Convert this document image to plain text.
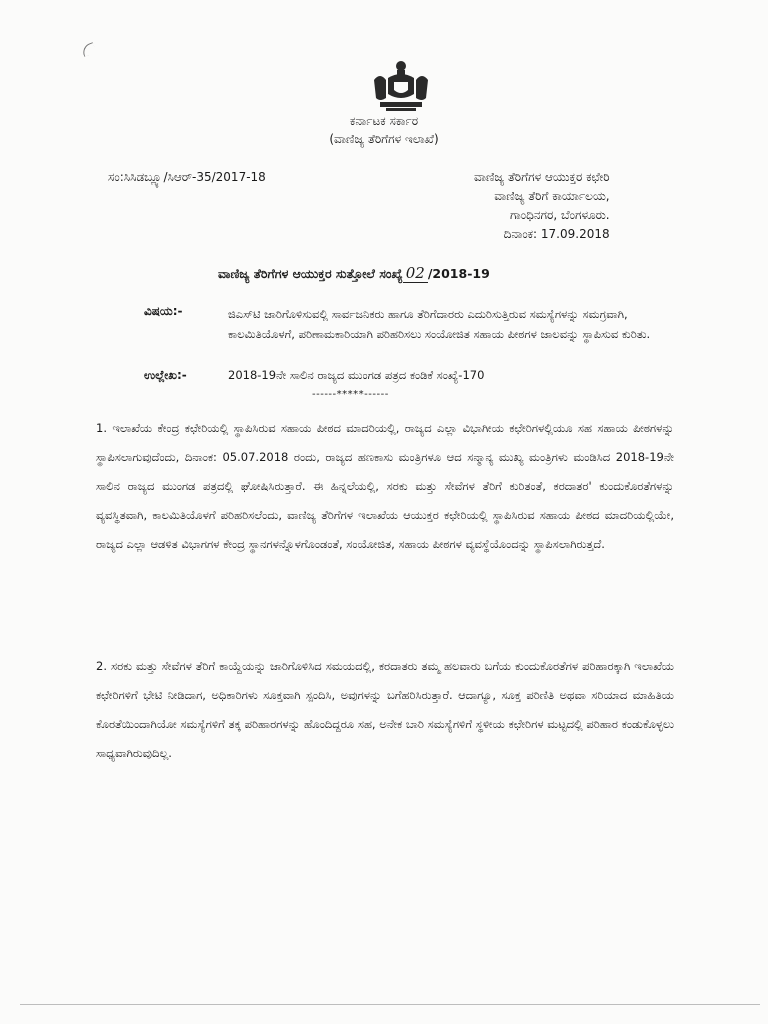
ಕರ್ನಾಟಕ ಸರ್ಕಾರ
(ವಾಣಿಜ್ಯ ತೆರಿಗೆಗಳ ಇಲಾಖೆ)
ಸಂ:ಸಿಸಿಡಬ್ಲ್ಯೂ/ಸಿಆರ್-35/2017-18	ವಾಣಿಜ್ಯ ತೆರಿಗೆಗಳ ಆಯುಕ್ತರ ಕಛೇರಿ
ವಾಣಿಜ್ಯ ತೆರಿಗೆ ಕಾರ್ಯಾಲಯ,
ಗಾಂಧಿನಗರ, ಬೆಂಗಳೂರು.
ದಿನಾಂಕ: 17.09.2018
ವಾಣಿಜ್ಯ ತೆರಿಗೆಗಳ ಆಯುಕ್ತರ ಸುತ್ತೋಲೆ ಸಂಖ್ಯೆ 02 /2018-19
ವಿಷಯ:-	ಜಿಎಸ್‌ಟಿ ಜಾರಿಗೊಳಿಸುವಲ್ಲಿ ಸಾರ್ವಜನಿಕರು ಹಾಗೂ ತೆರಿಗೆದಾರರು ಎದುರಿಸುತ್ತಿರುವ ಸಮಸ್ಯೆಗಳನ್ನು ಸಮಗ್ರವಾಗಿ, ಕಾಲಮಿತಿಯೊಳಗೆ, ಪರಿಣಾಮಕಾರಿಯಾಗಿ ಪರಿಹರಿಸಲು ಸಂಯೋಜಿತ ಸಹಾಯ ಪೀಠಗಳ ಜಾಲವನ್ನು ಸ್ಥಾಪಿಸುವ ಕುರಿತು.
ಉಲ್ಲೇಖ:-	2018-19ನೇ ಸಾಲಿನ ರಾಜ್ಯದ ಮುಂಗಡ ಪತ್ರದ ಕಂಡಿಕೆ ಸಂಖ್ಯೆ-170
------*****------
1. ಇಲಾಖೆಯ ಕೇಂದ್ರ ಕಛೇರಿಯಲ್ಲಿ ಸ್ಥಾಪಿಸಿರುವ ಸಹಾಯ ಪೀಠದ ಮಾದರಿಯಲ್ಲಿ, ರಾಜ್ಯದ ಎಲ್ಲಾ ವಿಭಾಗೀಯ ಕಛೇರಿಗಳಲ್ಲಿಯೂ ಸಹ ಸಹಾಯ ಪೀಠಗಳನ್ನು ಸ್ಥಾಪಿಸಲಾಗುವುದೆಂದು, ದಿನಾಂಕ: 05.07.2018 ರಂದು, ರಾಜ್ಯದ ಹಣಕಾಸು ಮಂತ್ರಿಗಳೂ ಆದ ಸನ್ಮಾನ್ಯ ಮುಖ್ಯ ಮಂತ್ರಿಗಳು ಮಂಡಿಸಿದ 2018-19ನೇ ಸಾಲಿನ ರಾಜ್ಯದ ಮುಂಗಡ ಪತ್ರದಲ್ಲಿ ಘೋಷಿಸಿರುತ್ತಾರೆ. ಈ ಹಿನ್ನಲೆಯಲ್ಲಿ, ಸರಕು ಮತ್ತು ಸೇವೆಗಳ ತೆರಿಗೆ ಕುರಿತಂತೆ, ಕರದಾತರ' ಕುಂದುಕೊರತೆಗಳನ್ನು ವ್ಯವಸ್ಥಿತವಾಗಿ, ಕಾಲಮಿತಿಯೊಳಗೆ ಪರಿಹರಿಸಲೆಂದು, ವಾಣಿಜ್ಯ ತೆರಿಗೆಗಳ ಇಲಾಖೆಯ ಆಯುಕ್ತರ ಕಛೇರಿಯಲ್ಲಿ ಸ್ಥಾಪಿಸಿರುವ ಸಹಾಯ ಪೀಠದ ಮಾದರಿಯಲ್ಲಿಯೇ, ರಾಜ್ಯದ ಎಲ್ಲಾ ಆಡಳಿತ ವಿಭಾಗಗಳ ಕೇಂದ್ರ ಸ್ಥಾನಗಳನ್ನೊಳಗೊಂಡಂತೆ, ಸಂಯೋಜಿತ, ಸಹಾಯ ಪೀಠಗಳ ವ್ಯವಸ್ಥೆಯೊಂದನ್ನು ಸ್ಥಾಪಿಸಲಾಗಿರುತ್ತದೆ.
2. ಸರಕು ಮತ್ತು ಸೇವೆಗಳ ತೆರಿಗೆ ಕಾಯ್ದೆಯನ್ನು ಜಾರಿಗೊಳಿಸಿದ ಸಮಯದಲ್ಲಿ, ಕರದಾತರು ತಮ್ಮ ಹಲವಾರು ಬಗೆಯ ಕುಂದುಕೊರತೆಗಳ ಪರಿಹಾರಕ್ಕಾಗಿ ಇಲಾಖೆಯ ಕಛೇರಿಗಳಿಗೆ ಭೇಟಿ ನೀಡಿದಾಗ, ಅಧಿಕಾರಿಗಳು ಸೂಕ್ತವಾಗಿ ಸ್ಪಂದಿಸಿ, ಅವುಗಳನ್ನು ಬಗೆಹರಿಸಿರುತ್ತಾರೆ. ಆದಾಗ್ಯೂ, ಸೂಕ್ತ ಪರಿಣಿತಿ ಅಥವಾ ಸರಿಯಾದ ಮಾಹಿತಿಯ ಕೊರತೆಯಿಂದಾಗಿಯೋ ಸಮಸ್ಯೆಗಳಿಗೆ ತಕ್ಕ ಪರಿಹಾರಗಳನ್ನು ಹೊಂದಿದ್ದರೂ ಸಹ, ಅನೇಕ ಬಾರಿ ಸಮಸ್ಯೆಗಳಿಗೆ ಸ್ಥಳೀಯ ಕಛೇರಿಗಳ ಮಟ್ಟದಲ್ಲಿ ಪರಿಹಾರ ಕಂಡುಕೊಳ್ಳಲು ಸಾಧ್ಯವಾಗಿರುವುದಿಲ್ಲ.
